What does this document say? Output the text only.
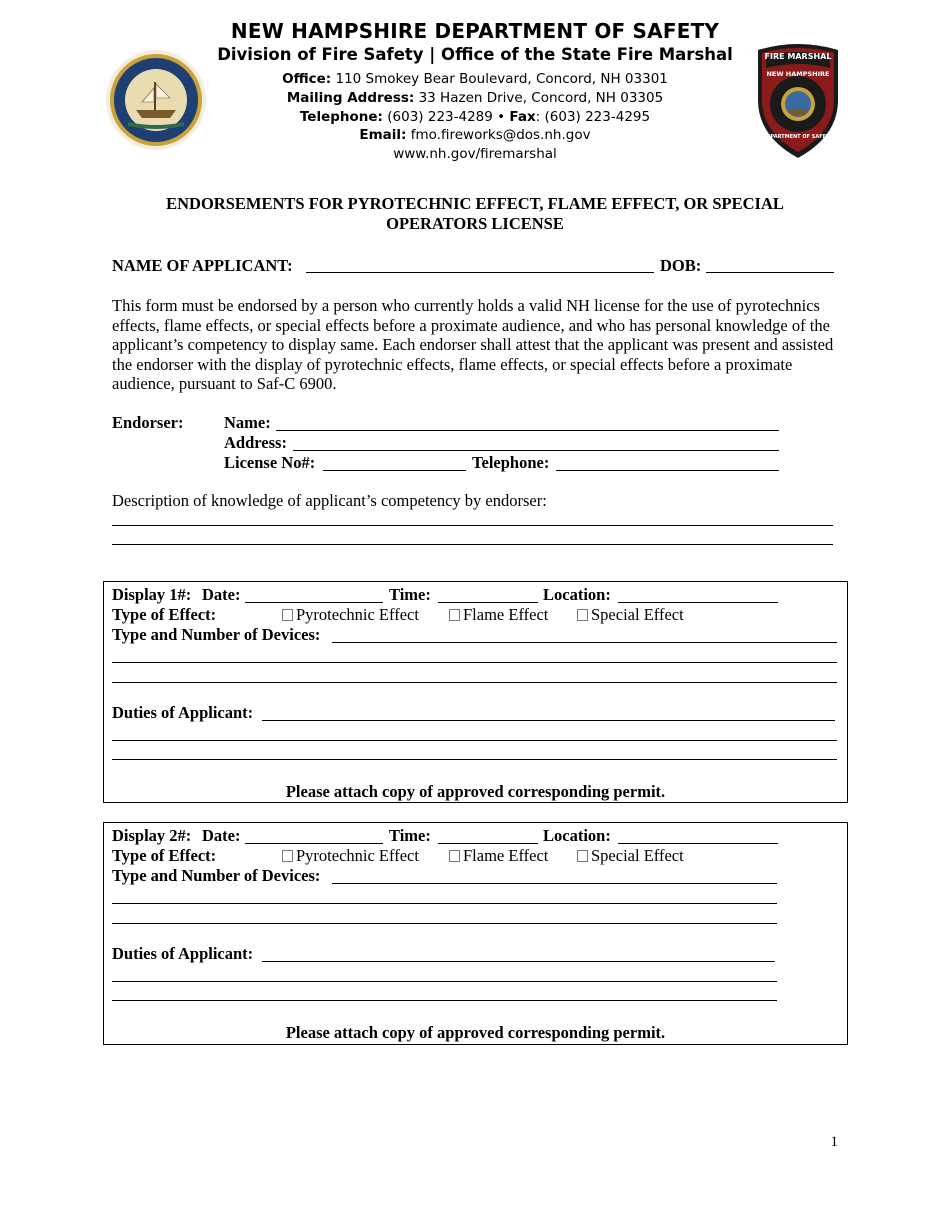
NEW HAMPSHIRE DEPARTMENT OF SAFETY
Division of Fire Safety | Office of the State Fire Marshal
Office: 110 Smokey Bear Boulevard, Concord, NH 03301
Mailing Address: 33 Hazen Drive, Concord, NH 03305
Telephone: (603) 223-4289 • Fax: (603) 223-4295
Email: fmo.fireworks@dos.nh.gov
www.nh.gov/firemarshal
FIRE MARSHAL
NEW HAMPSHIRE
DEPARTMENT OF SAFETY
ENDORSEMENTS FOR PYROTECHNIC EFFECT, FLAME EFFECT, OR SPECIAL
OPERATORS LICENSE
NAME OF APPLICANT:	DOB:
This form must be endorsed by a person who currently holds a valid NH license for the use of pyrotechnics effects, flame effects, or special effects before a proximate audience, and who has personal knowledge of the applicant’s competency to display same. Each endorser shall attest that the applicant was present and assisted the endorser with the display of pyrotechnic effects, flame effects, or special effects before a proximate audience, pursuant to Saf-C 6900.
Endorser: Name:
Address:
License No#:	Telephone:
Description of knowledge of applicant’s competency by endorser:
Display 1#: Date:	Time:	Location:
Type of Effect:	Pyrotechnic Effect	Flame Effect	Special Effect
Type and Number of Devices:
Duties of Applicant:
Please attach copy of approved corresponding permit.
Display 2#: Date:	Time:	Location:
Type of Effect:	Pyrotechnic Effect	Flame Effect	Special Effect
Type and Number of Devices:
Duties of Applicant:
Please attach copy of approved corresponding permit.
1
